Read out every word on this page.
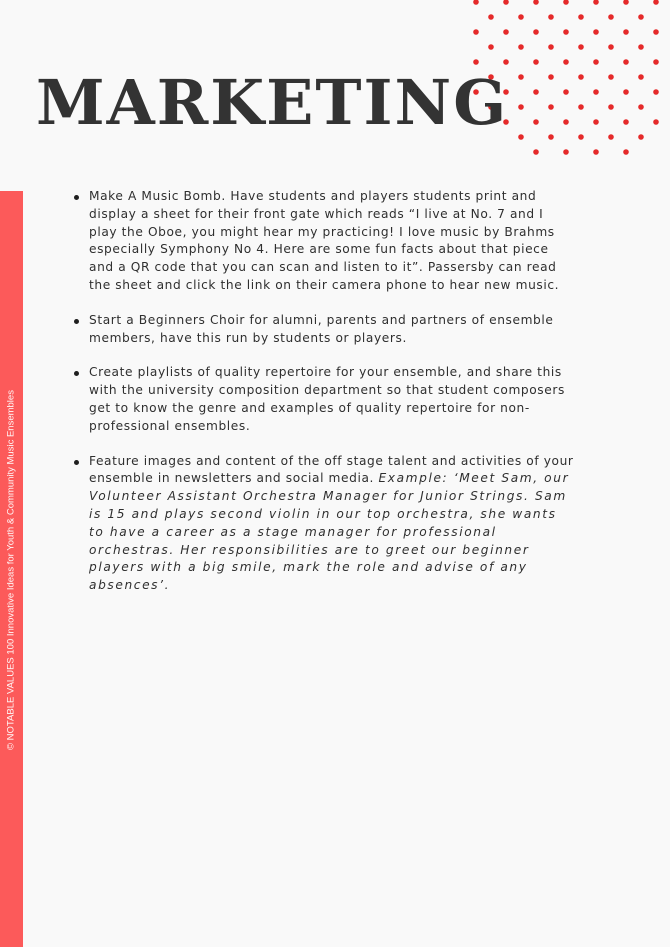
© NOTABLE VALUES 100 Innovative Ideas for Youth & Community Music Ensembles
MARKETING
Make A Music Bomb. Have students and players students print and display a sheet for their front gate which reads “I live at No. 7 and I play the Oboe, you might hear my practicing! I love music by Brahms especially Symphony No 4. Here are some fun facts about that piece and a QR code that you can scan and listen to it”. Passersby can read the sheet and click the link on their camera phone to hear new music.
Start a Beginners Choir for alumni, parents and partners of ensemble members, have this run by students or players.
Create playlists of quality repertoire for your ensemble, and share this with the university composition department so that student composers get to know the genre and examples of quality repertoire for non-professional ensembles.
Feature images and content of the off stage talent and activities of your ensemble in newsletters and social media. Example: ‘Meet Sam, our Volunteer Assistant Orchestra Manager for Junior Strings. Sam is 15 and plays second violin in our top orchestra, she wants to have a career as a stage manager for professional orchestras. Her responsibilities are to greet our beginner players with a big smile, mark the role and advise of any absences’.
